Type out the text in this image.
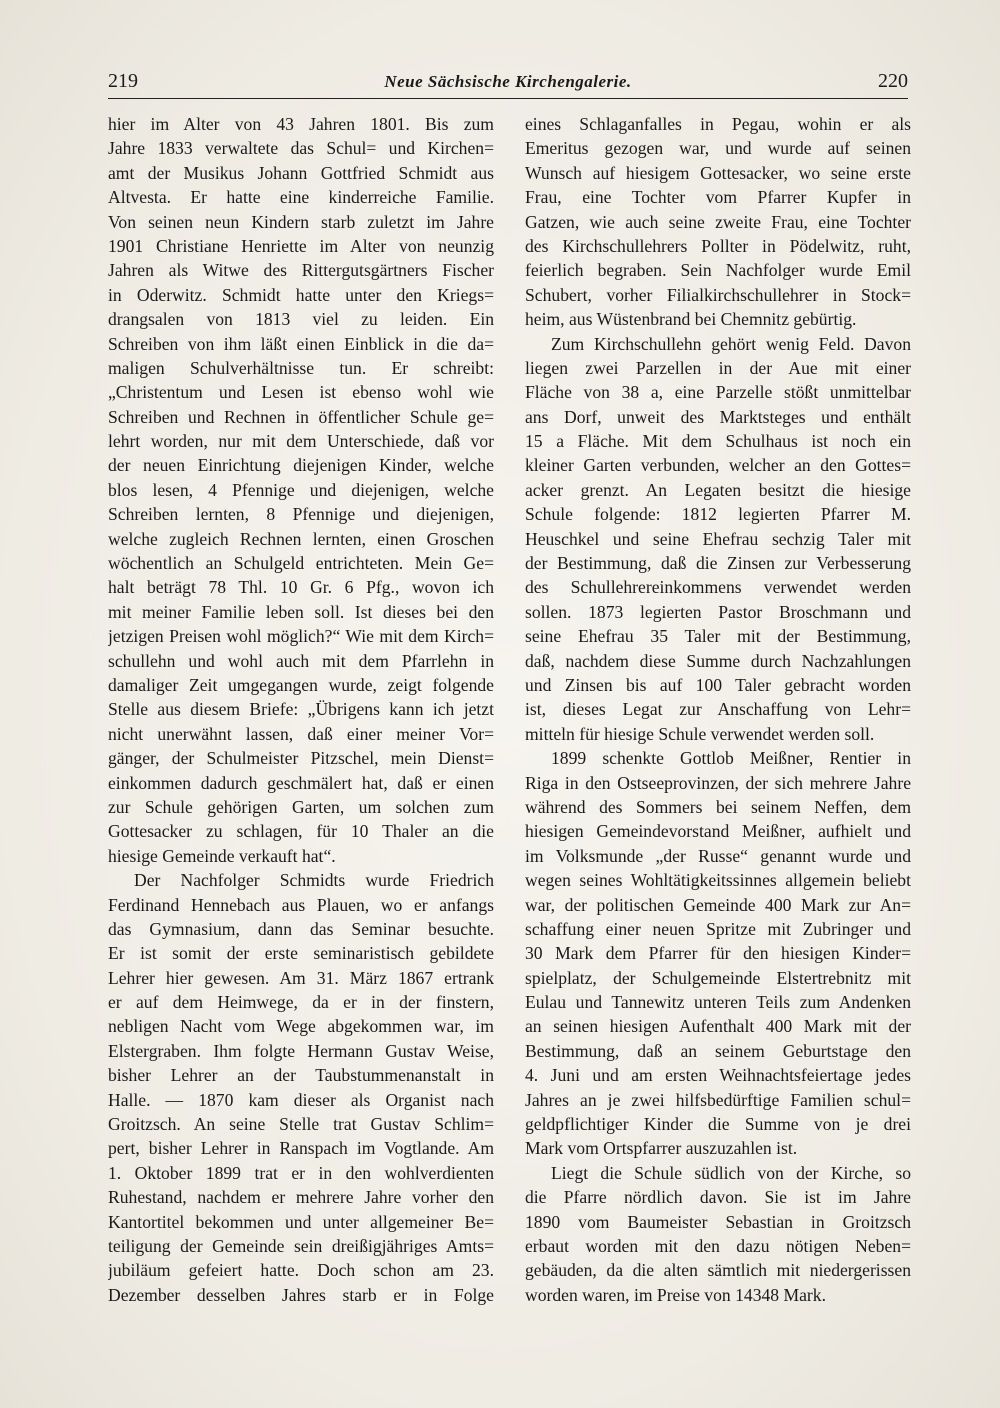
219	Neue Sächsische Kirchengalerie.	220
hier im Alter von 43 Jahren 1801. Bis zum
Jahre 1833 verwaltete das Schul= und Kirchen=
amt der Musikus Johann Gottfried Schmidt aus
Altvesta. Er hatte eine kinderreiche Familie.
Von seinen neun Kindern starb zuletzt im Jahre
1901 Christiane Henriette im Alter von neunzig
Jahren als Witwe des Rittergutsgärtners Fischer
in Oderwitz. Schmidt hatte unter den Kriegs=
drangsalen von 1813 viel zu leiden. Ein
Schreiben von ihm läßt einen Einblick in die da=
maligen Schulverhältnisse tun. Er schreibt:
„Christentum und Lesen ist ebenso wohl wie
Schreiben und Rechnen in öffentlicher Schule ge=
lehrt worden, nur mit dem Unterschiede, daß vor
der neuen Einrichtung diejenigen Kinder, welche
blos lesen, 4 Pfennige und diejenigen, welche
Schreiben lernten, 8 Pfennige und diejenigen,
welche zugleich Rechnen lernten, einen Groschen
wöchentlich an Schulgeld entrichteten. Mein Ge=
halt beträgt 78 Thl. 10 Gr. 6 Pfg., wovon ich
mit meiner Familie leben soll. Ist dieses bei den
jetzigen Preisen wohl möglich?“ Wie mit dem Kirch=
schullehn und wohl auch mit dem Pfarrlehn in
damaliger Zeit umgegangen wurde, zeigt folgende
Stelle aus diesem Briefe: „Übrigens kann ich jetzt
nicht unerwähnt lassen, daß einer meiner Vor=
gänger, der Schulmeister Pitzschel, mein Dienst=
einkommen dadurch geschmälert hat, daß er einen
zur Schule gehörigen Garten, um solchen zum
Gottesacker zu schlagen, für 10 Thaler an die
hiesige Gemeinde verkauft hat“.
Der Nachfolger Schmidts wurde Friedrich
Ferdinand Hennebach aus Plauen, wo er anfangs
das Gymnasium, dann das Seminar besuchte.
Er ist somit der erste seminaristisch gebildete
Lehrer hier gewesen. Am 31. März 1867 ertrank
er auf dem Heimwege, da er in der finstern,
nebligen Nacht vom Wege abgekommen war, im
Elstergraben. Ihm folgte Hermann Gustav Weise,
bisher Lehrer an der Taubstummenanstalt in
Halle. — 1870 kam dieser als Organist nach
Groitzsch. An seine Stelle trat Gustav Schlim=
pert, bisher Lehrer in Ranspach im Vogtlande. Am
1. Oktober 1899 trat er in den wohlverdienten
Ruhestand, nachdem er mehrere Jahre vorher den
Kantortitel bekommen und unter allgemeiner Be=
teiligung der Gemeinde sein dreißigjähriges Amts=
jubiläum gefeiert hatte. Doch schon am 23.
Dezember desselben Jahres starb er in Folge
eines Schlaganfalles in Pegau, wohin er als
Emeritus gezogen war, und wurde auf seinen
Wunsch auf hiesigem Gottesacker, wo seine erste
Frau, eine Tochter vom Pfarrer Kupfer in
Gatzen, wie auch seine zweite Frau, eine Tochter
des Kirchschullehrers Pollter in Pödelwitz, ruht,
feierlich begraben. Sein Nachfolger wurde Emil
Schubert, vorher Filialkirchschullehrer in Stock=
heim, aus Wüstenbrand bei Chemnitz gebürtig.
Zum Kirchschullehn gehört wenig Feld. Davon
liegen zwei Parzellen in der Aue mit einer
Fläche von 38 a, eine Parzelle stößt unmittelbar
ans Dorf, unweit des Marktsteges und enthält
15 a Fläche. Mit dem Schulhaus ist noch ein
kleiner Garten verbunden, welcher an den Gottes=
acker grenzt. An Legaten besitzt die hiesige
Schule folgende: 1812 legierten Pfarrer M.
Heuschkel und seine Ehefrau sechzig Taler mit
der Bestimmung, daß die Zinsen zur Verbesserung
des Schullehrereinkommens verwendet werden
sollen. 1873 legierten Pastor Broschmann und
seine Ehefrau 35 Taler mit der Bestimmung,
daß, nachdem diese Summe durch Nachzahlungen
und Zinsen bis auf 100 Taler gebracht worden
ist, dieses Legat zur Anschaffung von Lehr=
mitteln für hiesige Schule verwendet werden soll.
1899 schenkte Gottlob Meißner, Rentier in
Riga in den Ostseeprovinzen, der sich mehrere Jahre
während des Sommers bei seinem Neffen, dem
hiesigen Gemeindevorstand Meißner, aufhielt und
im Volksmunde „der Russe“ genannt wurde und
wegen seines Wohltätigkeitssinnes allgemein beliebt
war, der politischen Gemeinde 400 Mark zur An=
schaffung einer neuen Spritze mit Zubringer und
30 Mark dem Pfarrer für den hiesigen Kinder=
spielplatz, der Schulgemeinde Elstertrebnitz mit
Eulau und Tannewitz unteren Teils zum Andenken
an seinen hiesigen Aufenthalt 400 Mark mit der
Bestimmung, daß an seinem Geburtstage den
4. Juni und am ersten Weihnachtsfeiertage jedes
Jahres an je zwei hilfsbedürftige Familien schul=
geldpflichtiger Kinder die Summe von je drei
Mark vom Ortspfarrer auszuzahlen ist.
Liegt die Schule südlich von der Kirche, so
die Pfarre nördlich davon. Sie ist im Jahre
1890 vom Baumeister Sebastian in Groitzsch
erbaut worden mit den dazu nötigen Neben=
gebäuden, da die alten sämtlich mit niedergerissen
worden waren, im Preise von 14348 Mark.
